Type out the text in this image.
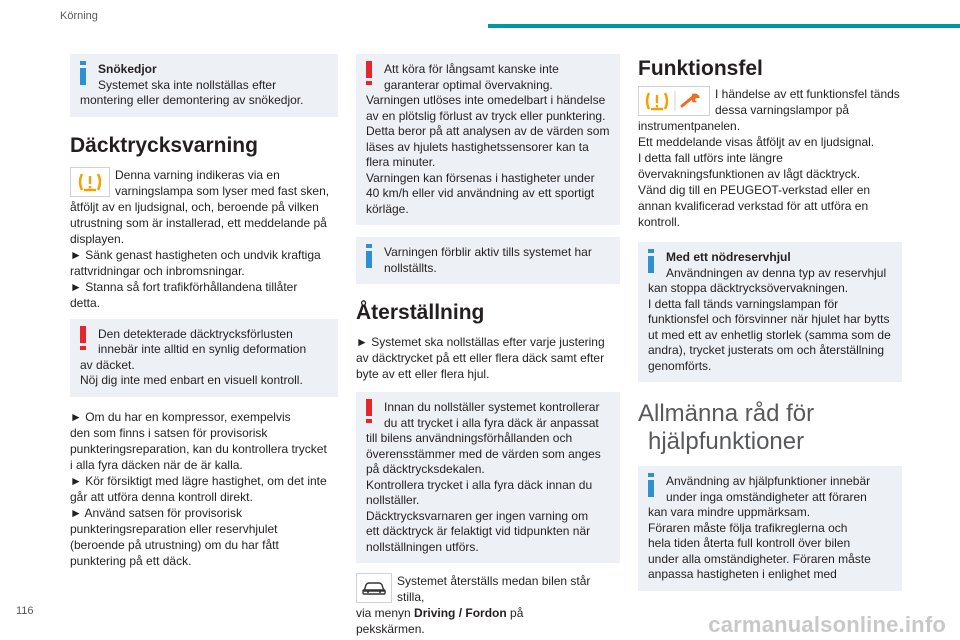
Körning

Snökedjor

Systemet ska inte nollställas efter

montering eller demontering av snökedjor.

Däcktrycksvarning

Denna varning indikeras via en

varningslampa som lyser med fast sken,

åtföljt av en ljudsignal, och, beroende på vilken

utrustning som är installerad, ett meddelande på

displayen.

► Sänk genast hastigheten och undvik kraftiga

rattvridningar och inbromsningar.

► Stanna så fort trafikförhållandena tillåter

detta.

Den detekterade däcktrycksförlusten

innebär inte alltid en synlig deformation

av däcket.

Nöj dig inte med enbart en visuell kontroll.

► Om du har en kompressor, exempelvis

den som finns i satsen för provisorisk

punkteringsreparation, kan du kontrollera trycket

i alla fyra däcken när de är kalla.

► Kör försiktigt med lägre hastighet, om det inte

går att utföra denna kontroll direkt.

► Använd satsen för provisorisk

punkteringsreparation eller reservhjulet

(beroende på utrustning) om du har fått

punktering på ett däck.

Att köra för långsamt kanske inte

garanterar optimal övervakning.

Varningen utlöses inte omedelbart i händelse

av en plötslig förlust av tryck eller punktering.

Detta beror på att analysen av de värden som

läses av hjulets hastighetssensorer kan ta

flera minuter.

Varningen kan försenas i hastigheter under

40 km/h eller vid användning av ett sportigt

körläge.

Varningen förblir aktiv tills systemet har

nollställts.

Återställning

► Systemet ska nollställas efter varje justering

av däcktrycket på ett eller flera däck samt efter

byte av ett eller flera hjul.

Innan du nollställer systemet kontrollerar

du att trycket i alla fyra däck är anpassat

till bilens användningsförhållanden och

överensstämmer med de värden som anges

på däcktrycksdekalen.

Kontrollera trycket i alla fyra däck innan du

nollställer.

Däcktrycksvarnaren ger ingen varning om

ett däcktryck är felaktigt vid tidpunkten när

nollställningen utförs.

Systemet återställs medan bilen står stilla,

via menyn Driving / Fordon på

pekskärmen.

Funktionsfel

I händelse av ett funktionsfel tänds

dessa varningslampor på

instrumentpanelen.

Ett meddelande visas åtföljt av en ljudsignal.

I detta fall utförs inte längre

övervakningsfunktionen av lågt däcktryck.

Vänd dig till en PEUGEOT-verkstad eller en

annan kvalificerad verkstad för att utföra en

kontroll.

Med ett nödreservhjul

Användningen av denna typ av reservhjul

kan stoppa däcktrycksövervakningen.

I detta fall tänds varningslampan för

funktionsfel och försvinner när hjulet har bytts

ut med ett av enhetlig storlek (samma som de

andra), trycket justerats om och återställning

genomförts.

Allmänna råd för
hjälpfunktioner

Användning av hjälpfunktioner innebär

under inga omständigheter att föraren

kan vara mindre uppmärksam.

Föraren måste följa trafikreglerna och

hela tiden återta full kontroll över bilen

under alla omständigheter. Föraren måste

anpassa hastigheten i enlighet med

116
carmanualsonline.info
